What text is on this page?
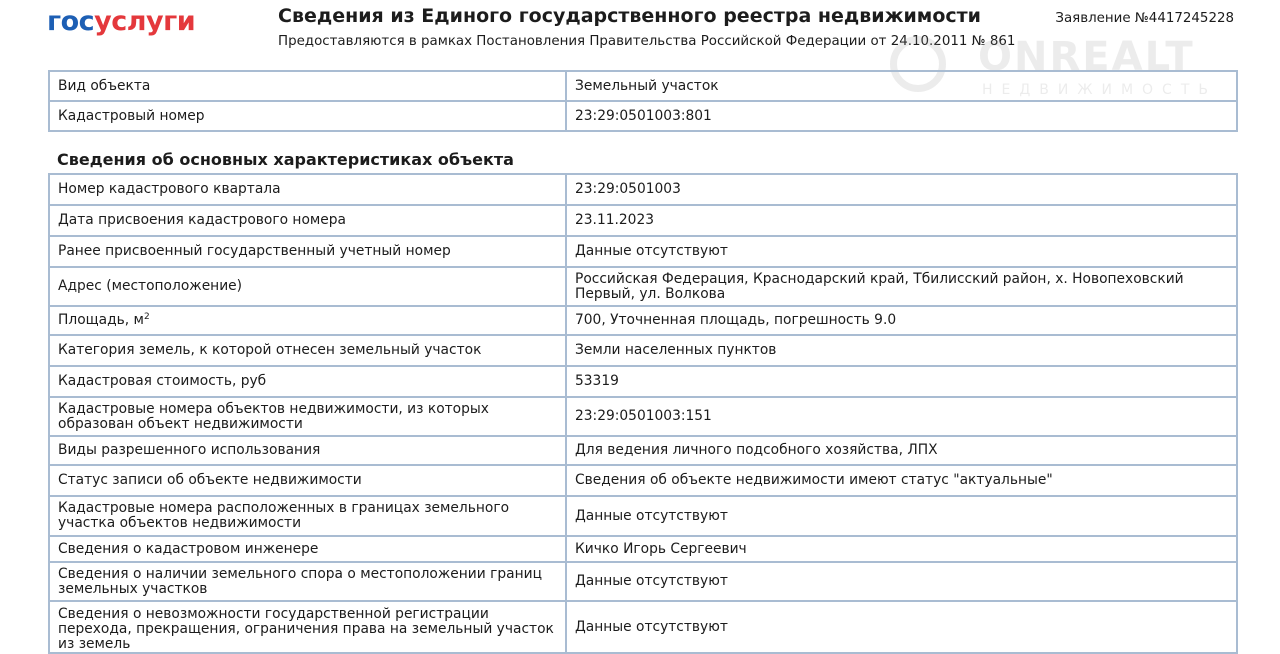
госуслуги	Сведения из Единого государственного реестра недвижимости
Предоставляются в рамках Постановления Правительства Российской Федерации от 24.10.2011 № 861
Заявление №4417245228
ONREALT
НЕДВИЖИМОСТЬ
Вид объекта	Земельный участок
Кадастровый номер	23:29:0501003:801
Сведения об основных характеристиках объекта
Номер кадастрового квартала	23:29:0501003
Дата присвоения кадастрового номера	23.11.2023
Ранее присвоенный государственный учетный номер	Данные отсутствуют
Адрес (местоположение)	Российская Федерация, Краснодарский край, Тбилисский район, х. Новопеховский Первый, ул. Волкова
Площадь, $м^2$	700, Уточненная площадь, погрешность 9.0
Категория земель, к которой отнесен земельный участок	Земли населенных пунктов
Кадастровая стоимость, руб	53319
Кадастровые номера объектов недвижимости, из которых образован объект недвижимости	23:29:0501003:151
Виды разрешенного использования	Для ведения личного подсобного хозяйства, ЛПХ
Статус записи об объекте недвижимости	Сведения об объекте недвижимости имеют статус "актуальные"
Кадастровые номера расположенных в границах земельного участка объектов недвижимости	Данные отсутствуют
Сведения о кадастровом инженере	Кичко Игорь Сергеевич
Сведения о наличии земельного спора о местоположении границ земельных участков	Данные отсутствуют
Сведения о невозможности государственной регистрации перехода, прекращения, ограничения права на земельный участок из земель	Данные отсутствуют
